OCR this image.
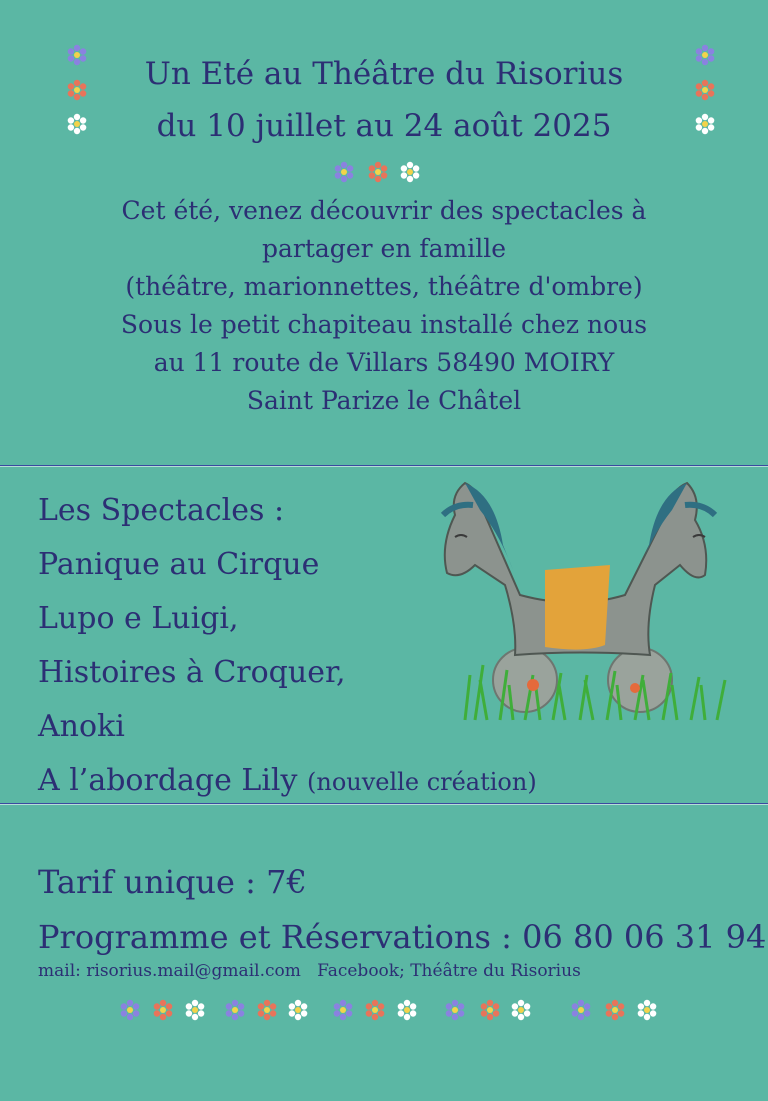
Un Eté au Théâtre du Risorius
du 10 juillet au 24 août 2025
Cet été, venez découvrir des spectacles à
partager en famille
(théâtre, marionnettes, théâtre d'ombre)
Sous le petit chapiteau installé chez nous
au 11 route de Villars 58490 MOIRY
Saint Parize le Châtel
Les Spectacles :
Panique au Cirque
Lupo e Luigi,
Histoires à Croquer,
Anoki
A l’abordage Lily (nouvelle création)
Tarif unique : 7€
Programme et Réservations : 06 80 06 31 94
mail: risorius.mail@gmail.com Facebook; Théâtre du Risorius
